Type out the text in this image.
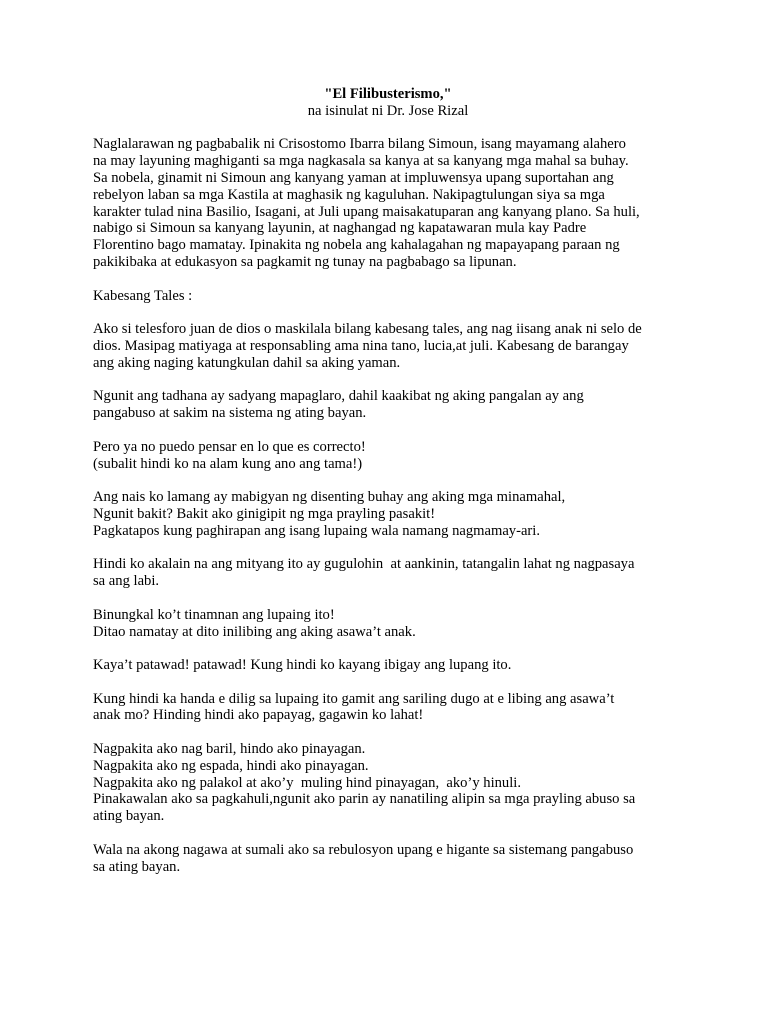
"El Filibusterismo,"
na isinulat ni Dr. Jose Rizal
Naglalarawan ng pagbabalik ni Crisostomo Ibarra bilang Simoun, isang mayamang alahero
na may layuning maghiganti sa mga nagkasala sa kanya at sa kanyang mga mahal sa buhay.
Sa nobela, ginamit ni Simoun ang kanyang yaman at impluwensya upang suportahan ang
rebelyon laban sa mga Kastila at maghasik ng kaguluhan. Nakipagtulungan siya sa mga
karakter tulad nina Basilio, Isagani, at Juli upang maisakatuparan ang kanyang plano. Sa huli,
nabigo si Simoun sa kanyang layunin, at naghangad ng kapatawaran mula kay Padre
Florentino bago mamatay. Ipinakita ng nobela ang kahalagahan ng mapayapang paraan ng
pakikibaka at edukasyon sa pagkamit ng tunay na pagbabago sa lipunan.
Kabesang Tales :
Ako si telesforo juan de dios o maskilala bilang kabesang tales, ang nag iisang anak ni selo de
dios. Masipag matiyaga at responsabling ama nina tano, lucia,at juli. Kabesang de barangay
ang aking naging katungkulan dahil sa aking yaman.
Ngunit ang tadhana ay sadyang mapaglaro, dahil kaakibat ng aking pangalan ay ang
pangabuso at sakim na sistema ng ating bayan.
Pero ya no puedo pensar en lo que es correcto!
(subalit hindi ko na alam kung ano ang tama!)
Ang nais ko lamang ay mabigyan ng disenting buhay ang aking mga minamahal,
Ngunit bakit? Bakit ako ginigipit ng mga prayling pasakit!
Pagkatapos kung paghirapan ang isang lupaing wala namang nagmamay-ari.
Hindi ko akalain na ang mityang ito ay gugulohin  at aankinin, tatangalin lahat ng nagpasaya
sa ang labi.
Binungkal ko’t tinamnan ang lupaing ito!
Ditao namatay at dito inilibing ang aking asawa’t anak.
Kaya’t patawad! patawad! Kung hindi ko kayang ibigay ang lupang ito.
Kung hindi ka handa e dilig sa lupaing ito gamit ang sariling dugo at e libing ang asawa’t
anak mo? Hinding hindi ako papayag, gagawin ko lahat!
Nagpakita ako nag baril, hindo ako pinayagan.
Nagpakita ako ng espada, hindi ako pinayagan.
Nagpakita ako ng palakol at ako’y  muling hind pinayagan,  ako’y hinuli.
Pinakawalan ako sa pagkahuli,ngunit ako parin ay nanatiling alipin sa mga prayling abuso sa
ating bayan.
Wala na akong nagawa at sumali ako sa rebulosyon upang e higante sa sistemang pangabuso
sa ating bayan.
